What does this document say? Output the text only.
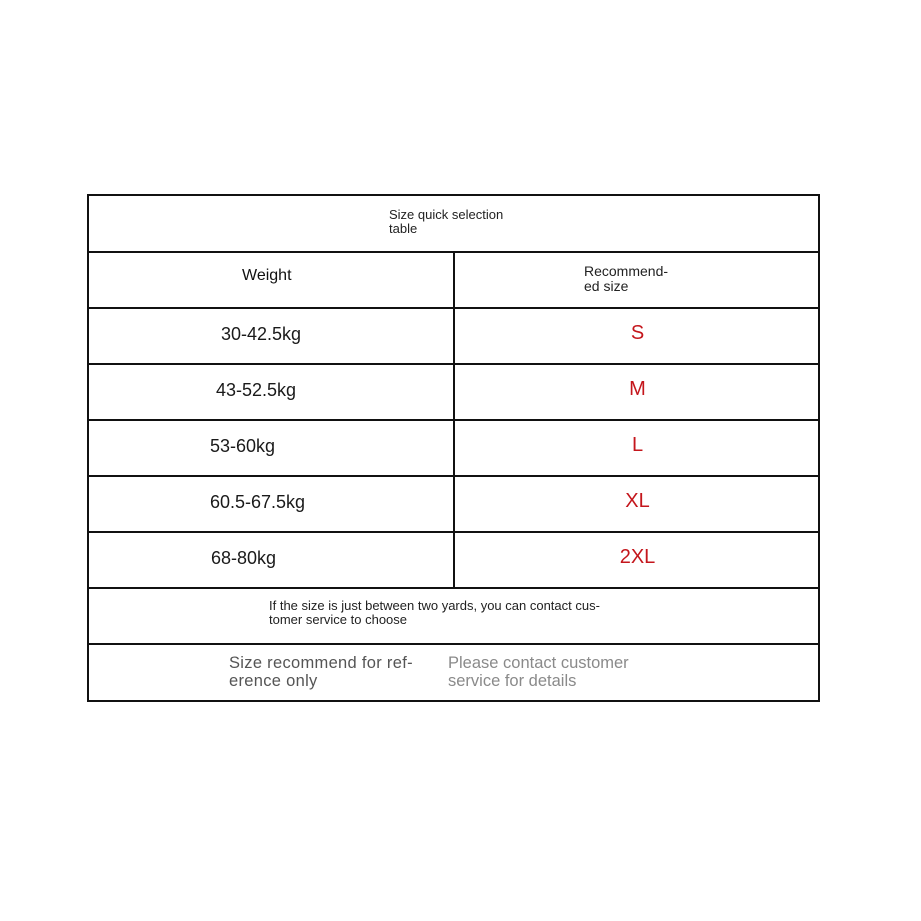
Size quick selection
table

Weight	Recommend-
ed size

30-42.5kg	S

43-52.5kg	M

53-60kg	L

60.5-67.5kg	XL

68-80kg	2XL

If the size is just between two yards, you can contact cus-
tomer service to choose

Size recommend for ref-
erence only

Please contact customer
service for details
